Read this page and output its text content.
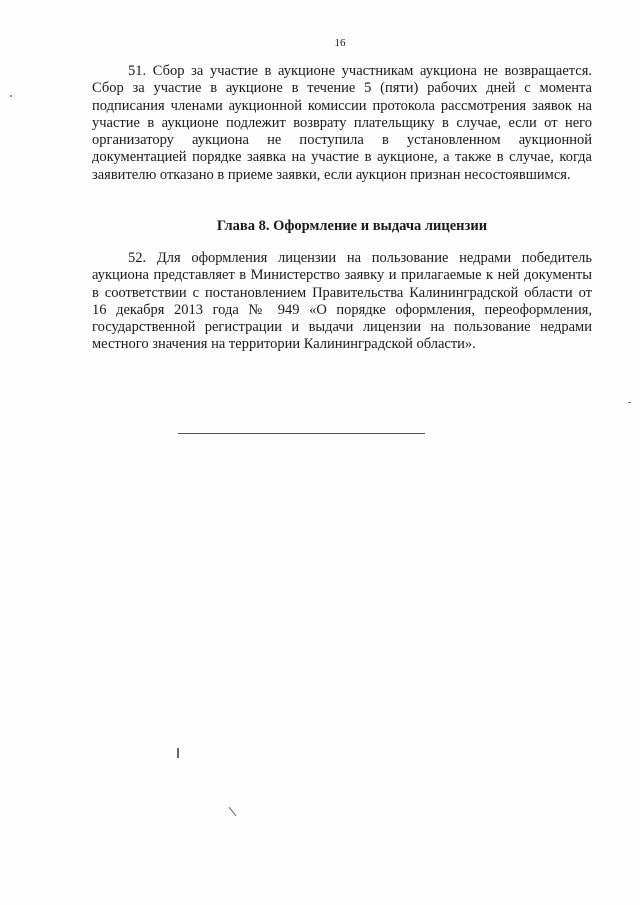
16

51. Сбор за участие в аукционе участникам аукциона не возвращается. Сбор за участие в аукционе в течение 5 (пяти) рабочих дней с момента подписания членами аукционной комиссии протокола рассмотрения заявок на участие в аукционе подлежит возврату плательщику в случае, если от него организатору аукциона не поступила в установленном аукционной документацией порядке заявка на участие в аукционе, а также в случае, когда заявителю отказано в приеме заявки, если аукцион признан несостоявшимся.

Глава 8. Оформление и выдача лицензии

52. Для оформления лицензии на пользование недрами победитель аукциона представляет в Министерство заявку и прилагаемые к ней документы в соответствии с постановлением Правительства Калининградской области от 16 декабря 2013 года № 949 «О порядке оформления, переоформления, государственной регистрации и выдачи лицензии на пользование недрами местного значения на территории Калининградской области».
